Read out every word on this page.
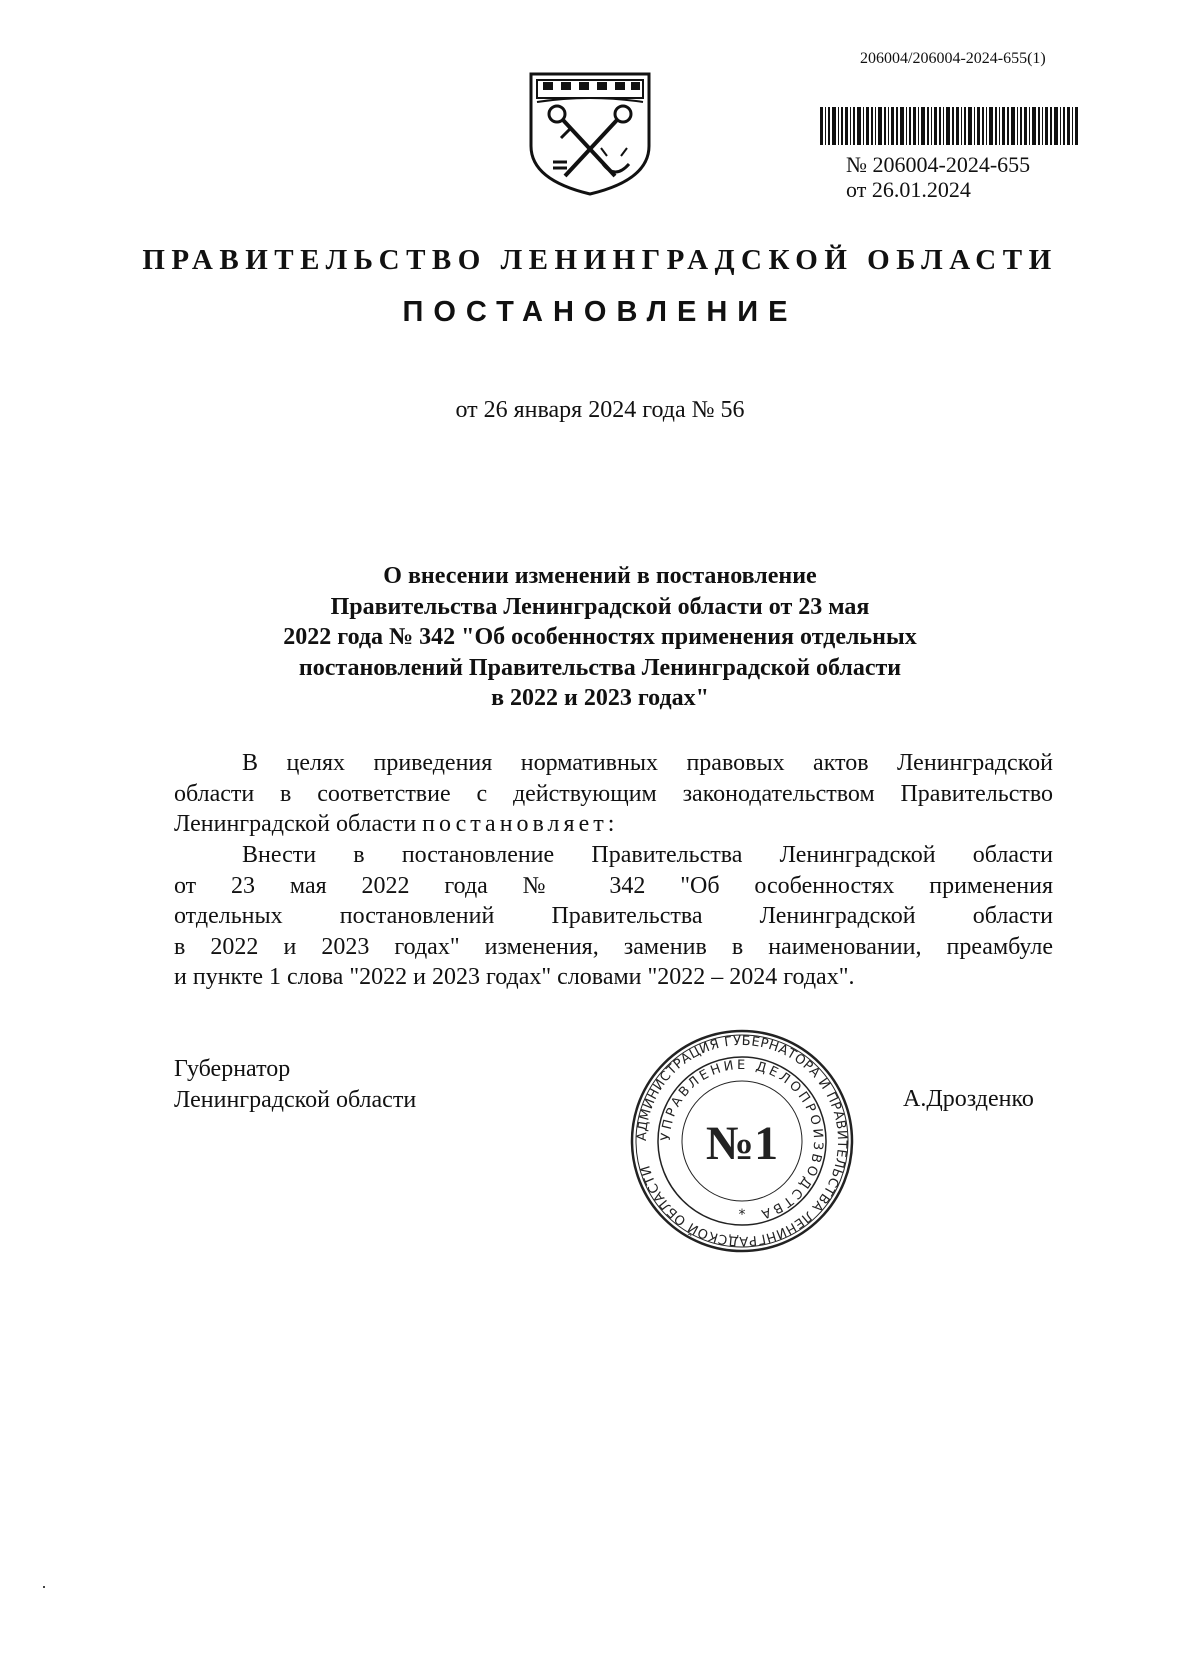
206004/206004-2024-655(1)
№ 206004-2024-655
от 26.01.2024
ПРАВИТЕЛЬСТВО ЛЕНИНГРАДСКОЙ ОБЛАСТИ
ПОСТАНОВЛЕНИЕ
от 26 января 2024 года № 56
О внесении изменений в постановление
Правительства Ленинградской области от 23 мая
2022 года № 342 "Об особенностях применения отдельных
постановлений Правительства Ленинградской области
в 2022 и 2023 годах"
В целях приведения нормативных правовых актов Ленинградской
области в соответствие с действующим законодательством Правительство
Ленинградской области постановляет:
Внести в постановление Правительства Ленинградской области
от 23 мая 2022 года № 342 "Об особенностях применения
отдельных постановлений Правительства Ленинградской области
в 2022 и 2023 годах" изменения, заменив в наименовании, преамбуле
и пункте 1 слова "2022 и 2023 годах" словами "2022 – 2024 годах".
Губернатор
Ленинградской области	А.Дрозденко
АДМИНИСТРАЦИЯ ГУБЕРНАТОРА И ПРАВИТЕЛЬСТВА ЛЕНИНГРАДСКОЙ ОБЛАСТИ
УПРАВЛЕНИЕ ДЕЛОПРОИЗВОДСТВА
№1
*
